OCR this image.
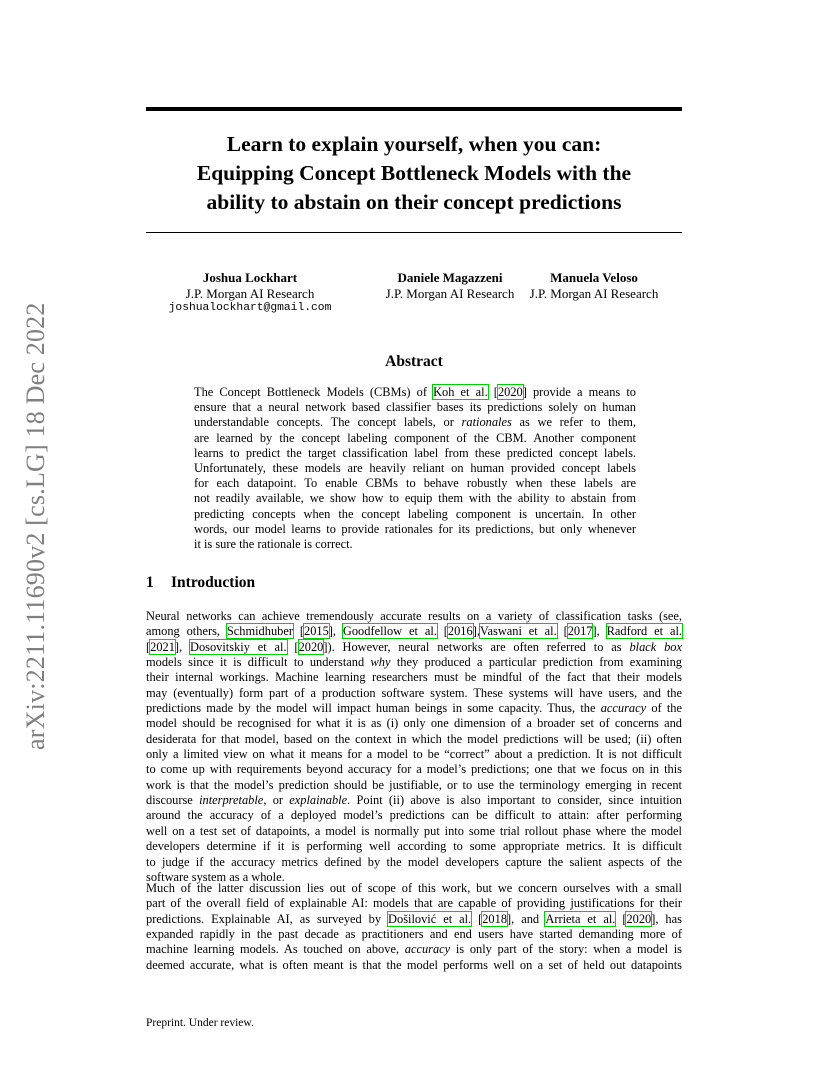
arXiv:2211.11690v2 [cs.LG] 18 Dec 2022
Learn to explain yourself, when you can:
Equipping Concept Bottleneck Models with the
ability to abstain on their concept predictions
Joshua Lockhart
J.P. Morgan AI Research
joshualockhart@gmail.com
Daniele Magazzeni
J.P. Morgan AI Research
Manuela Veloso
J.P. Morgan AI Research
Abstract
The Concept Bottleneck Models (CBMs) of Koh et al. [2020] provide a means to
ensure that a neural network based classifier bases its predictions solely on human
understandable concepts. The concept labels, or rationales as we refer to them,
are learned by the concept labeling component of the CBM. Another component
learns to predict the target classification label from these predicted concept labels.
Unfortunately, these models are heavily reliant on human provided concept labels
for each datapoint. To enable CBMs to behave robustly when these labels are
not readily available, we show how to equip them with the ability to abstain from
predicting concepts when the concept labeling component is uncertain. In other
words, our model learns to provide rationales for its predictions, but only whenever
it is sure the rationale is correct.
1 Introduction
Neural networks can achieve tremendously accurate results on a variety of classification tasks (see,
among others, Schmidhuber [2015], Goodfellow et al. [2016],Vaswani et al. [2017], Radford et al.
[2021], Dosovitskiy et al. [2020]). However, neural networks are often referred to as black box
models since it is difficult to understand why they produced a particular prediction from examining
their internal workings. Machine learning researchers must be mindful of the fact that their models
may (eventually) form part of a production software system. These systems will have users, and the
predictions made by the model will impact human beings in some capacity. Thus, the accuracy of the
model should be recognised for what it is as (i) only one dimension of a broader set of concerns and
desiderata for that model, based on the context in which the model predictions will be used; (ii) often
only a limited view on what it means for a model to be “correct” about a prediction. It is not difficult
to come up with requirements beyond accuracy for a model’s predictions; one that we focus on in this
work is that the model’s prediction should be justifiable, or to use the terminology emerging in recent
discourse interpretable, or explainable. Point (ii) above is also important to consider, since intuition
around the accuracy of a deployed model’s predictions can be difficult to attain: after performing
well on a test set of datapoints, a model is normally put into some trial rollout phase where the model
developers determine if it is performing well according to some appropriate metrics. It is difficult
to judge if the accuracy metrics defined by the model developers capture the salient aspects of the
software system as a whole.
Much of the latter discussion lies out of scope of this work, but we concern ourselves with a small
part of the overall field of explainable AI: models that are capable of providing justifications for their
predictions. Explainable AI, as surveyed by Došilović et al. [2018], and Arrieta et al. [2020], has
expanded rapidly in the past decade as practitioners and end users have started demanding more of
machine learning models. As touched on above, accuracy is only part of the story: when a model is
deemed accurate, what is often meant is that the model performs well on a set of held out datapoints
Preprint. Under review.
